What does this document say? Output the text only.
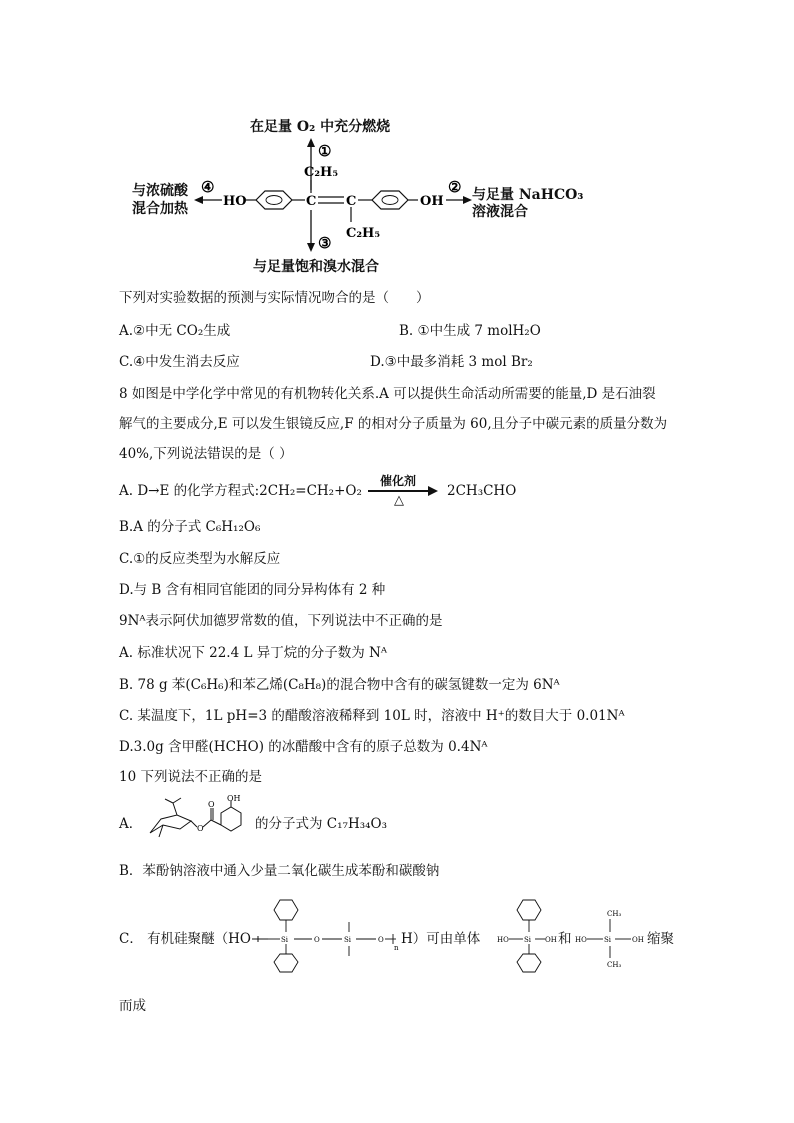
在足量 O₂ 中充分燃烧
与浓硫酸
混合加热
与足量 NaHCO₃
溶液混合
与足量饱和溴水混合
①
C₂H₅
④
HO	C C
C₂H₅
OH
②
③
下列对实验数据的预测与实际情况吻合的是（　　）
A.②中无 CO₂生成	B. ①中生成 7 molH₂O
C.④中发生消去反应	D.③中最多消耗 3 mol Br₂
8 如图是中学化学中常见的有机物转化关系.A 可以提供生命活动所需要的能量,D 是石油裂
解气的主要成分,E 可以发生银镜反应,F 的相对分子质量为 60,且分子中碳元素的质量分数为
40%,下列说法错误的是（ ）
A. D→E 的化学方程式:2CH₂=CH₂+O₂
催化剂
△
2CH₃CHO
B.A 的分子式 C₆H₁₂O₆
C.①的反应类型为水解反应
D.与 B 含有相同官能团的同分异构体有 2 种
9Nᴬ表示阿伏加德罗常数的值，下列说法中不正确的是
A. 标准状况下 22.4 L 异丁烷的分子数为 Nᴬ
B. 78 g 苯(C₆H₆)和苯乙烯(C₈H₈)的混合物中含有的碳氢键数一定为 6Nᴬ
C. 某温度下，1L pH=3 的醋酸溶液稀释到 10L 时，溶液中 H⁺的数目大于 0.01Nᴬ
D.3.0g 含甲醛(HCHO) 的冰醋酸中含有的原子总数为 0.4Nᴬ
10 下列说法不正确的是
A．	O
O
OH
的分子式为 C₁₇H₃₄O₃
B．苯酚钠溶液中通入少量二氧化碳生成苯酚和碳酸钠
C． 有机硅聚醚（HO	Si	O	Si	O
n
H）可由单体 HO Si OH 和
CH₃
HO Si	OH
CH₃
缩聚
而成
